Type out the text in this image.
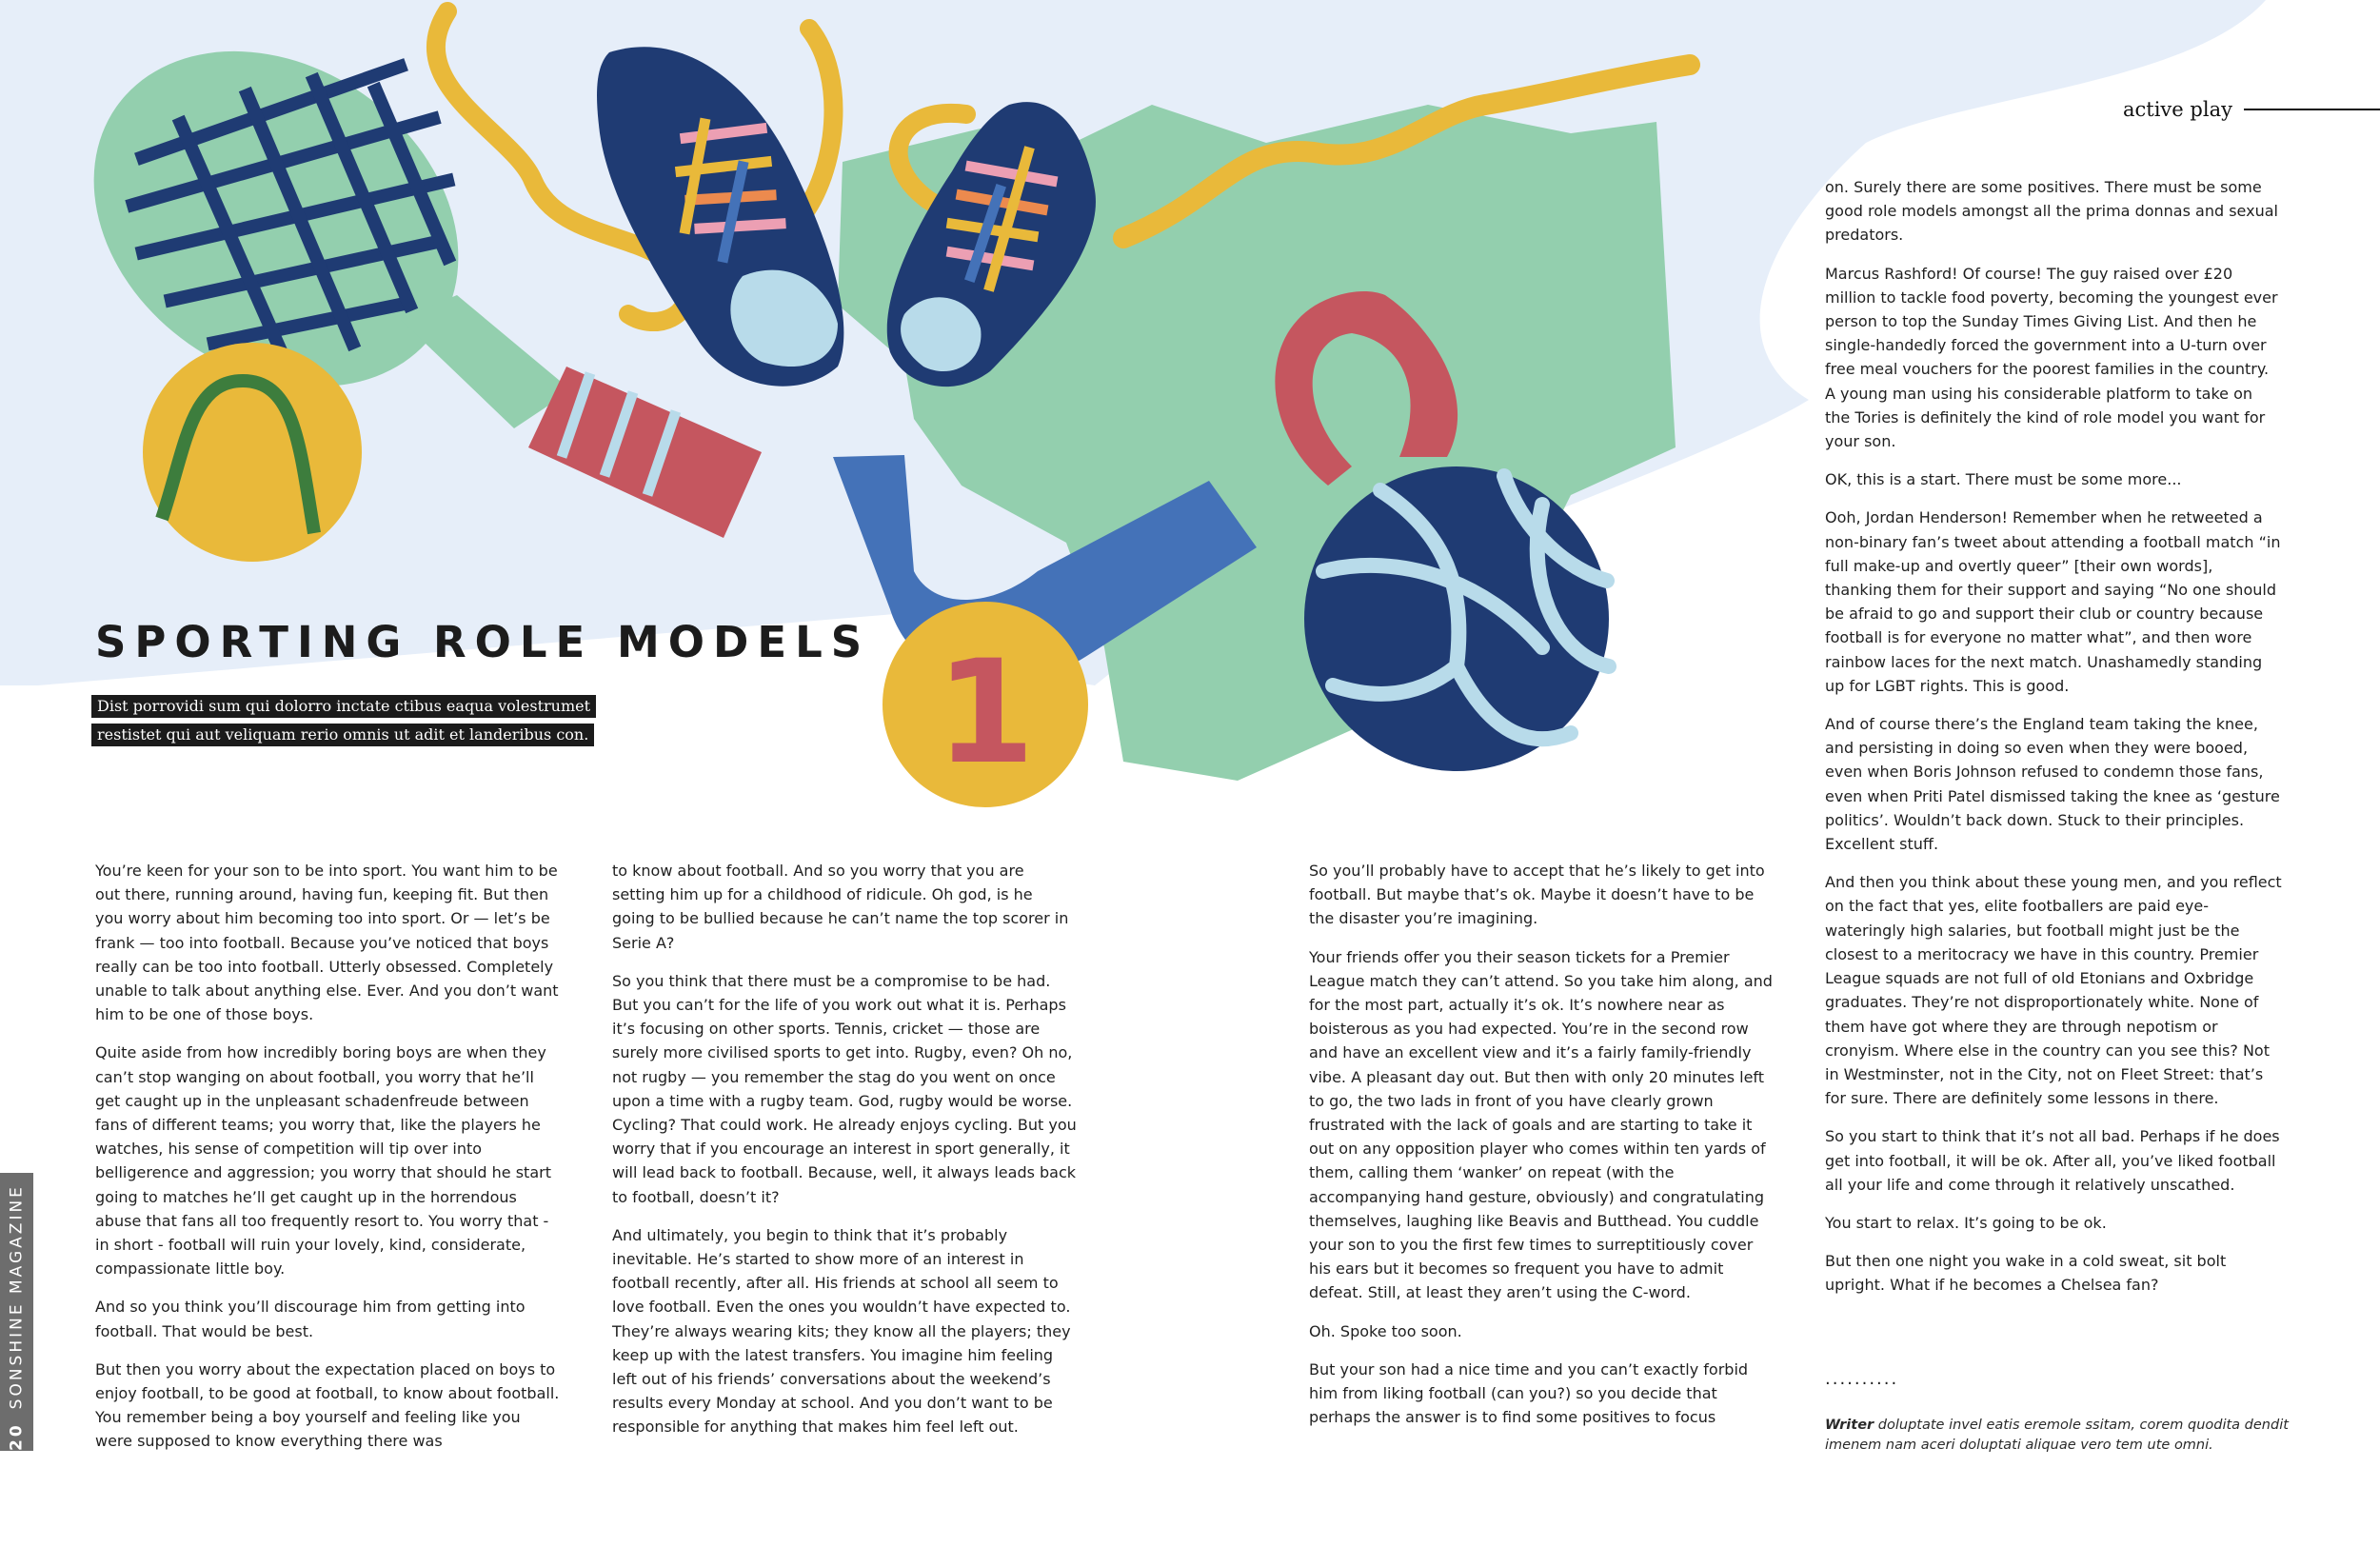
1
active play
SPORTING ROLE MODELS
Dist porrovidi sum qui dolorro inctate ctibus eaqua volestrumet
restistet qui aut veliquam rerio omnis ut adit et landeribus con.

You’re keen for your son to be into sport. You want him to be out there, running around, having fun, keeping fit. But then you worry about him becoming too into sport. Or — let’s be frank — too into football. Because you’ve noticed that boys really can be too into football. Utterly obsessed. Completely unable to talk about anything else. Ever. And you don’t want him to be one of those boys.

Quite aside from how incredibly boring boys are when they can’t stop wanging on about football, you worry that he’ll get caught up in the unpleasant schadenfreude between fans of different teams; you worry that, like the players he watches, his sense of competition will tip over into belligerence and aggression; you worry that should he start going to matches he’ll get caught up in the horrendous abuse that fans all too frequently resort to. You worry that - in short - football will ruin your lovely, kind, considerate, compassionate little boy.

And so you think you’ll discourage him from getting into football. That would be best.

But then you worry about the expectation placed on boys to enjoy football, to be good at football, to know about football. You remember being a boy yourself and feeling like you were supposed to know everything there was

to know about football. And so you worry that you are setting him up for a childhood of ridicule. Oh god, is he going to be bullied because he can’t name the top scorer in Serie A?

So you think that there must be a compromise to be had. But you can’t for the life of you work out what it is. Perhaps it’s focusing on other sports. Tennis, cricket — those are surely more civilised sports to get into. Rugby, even? Oh no, not rugby — you remember the stag do you went on once upon a time with a rugby team. God, rugby would be worse. Cycling? That could work. He already enjoys cycling. But you worry that if you encourage an interest in sport generally, it will lead back to football. Because, well, it always leads back to football, doesn’t it?

And ultimately, you begin to think that it’s probably inevitable. He’s started to show more of an interest in football recently, after all. His friends at school all seem to love football. Even the ones you wouldn’t have expected to. They’re always wearing kits; they know all the players; they keep up with the latest transfers. You imagine him feeling left out of his friends’ conversations about the weekend’s results every Monday at school. And you don’t want to be responsible for anything that makes him feel left out.

So you’ll probably have to accept that he’s likely to get into football. But maybe that’s ok. Maybe it doesn’t have to be the disaster you’re imagining.

Your friends offer you their season tickets for a Premier League match they can’t attend. So you take him along, and for the most part, actually it’s ok. It’s nowhere near as boisterous as you had expected. You’re in the second row and have an excellent view and it’s a fairly family-friendly vibe. A pleasant day out. But then with only 20 minutes left to go, the two lads in front of you have clearly grown frustrated with the lack of goals and are starting to take it out on any opposition player who comes within ten yards of them, calling them ‘wanker’ on repeat (with the accompanying hand gesture, obviously) and congratulating themselves, laughing like Beavis and Butthead. You cuddle your son to you the first few times to surreptitiously cover his ears but it becomes so frequent you have to admit defeat. Still, at least they aren’t using the C-word.

Oh. Spoke too soon.

But your son had a nice time and you can’t exactly forbid him from liking football (can you?) so you decide that perhaps the answer is to find some positives to focus

on. Surely there are some positives. There must be some good role models amongst all the prima donnas and sexual predators.

Marcus Rashford! Of course! The guy raised over £20 million to tackle food poverty, becoming the youngest ever person to top the Sunday Times Giving List. And then he single-handedly forced the government into a U-turn over free meal vouchers for the poorest families in the country. A young man using his considerable platform to take on the Tories is definitely the kind of role model you want for your son.

OK, this is a start. There must be some more...

Ooh, Jordan Henderson! Remember when he retweeted a non-binary fan’s tweet about attending a football match “in full make-up and overtly queer” [their own words], thanking them for their support and saying “No one should be afraid to go and support their club or country because football is for everyone no matter what”, and then wore rainbow laces for the next match. Unashamedly standing up for LGBT rights. This is good.

And of course there’s the England team taking the knee, and persisting in doing so even when they were booed, even when Boris Johnson refused to condemn those fans, even when Priti Patel dismissed taking the knee as ‘gesture politics’. Wouldn’t back down. Stuck to their principles. Excellent stuff.

And then you think about these young men, and you reflect on the fact that yes, elite footballers are paid eye-wateringly high salaries, but football might just be the closest to a meritocracy we have in this country. Premier League squads are not full of old Etonians and Oxbridge graduates. They’re not disproportionately white. None of them have got where they are through nepotism or cronyism. Where else in the country can you see this? Not in Westminster, not in the City, not on Fleet Street: that’s for sure. There are definitely some lessons in there.

So you start to think that it’s not all bad. Perhaps if he does get into football, it will be ok. After all, you’ve liked football all your life and come through it relatively unscathed.

You start to relax. It’s going to be ok.

But then one night you wake in a cold sweat, sit bolt upright. What if he becomes a Chelsea fan?

..........
Writer doluptate invel eatis eremole ssitam, corem quodita dendit imenem nam aceri doluptati aliquae vero tem ute omni.
20
SONSHINE MAGAZINE
